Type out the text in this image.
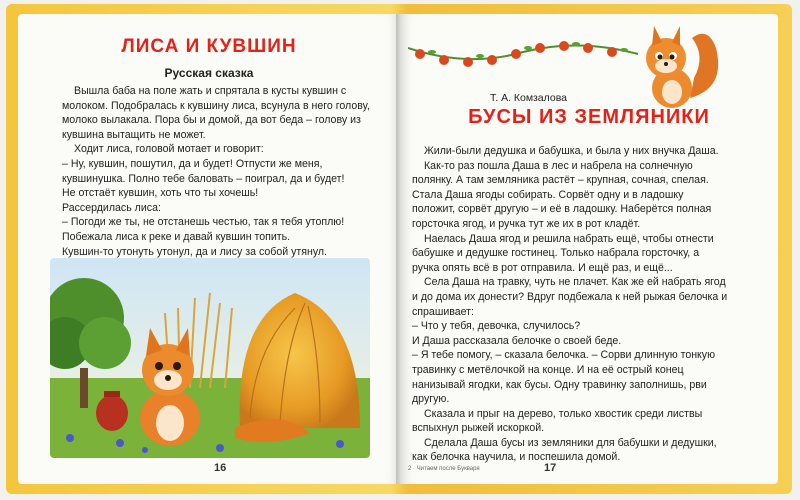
ЛИСА И КУВШИН
Русская сказка

Вышла баба на поле жать и спрятала в кусты кувшин с молоком. Подобралась к кувшину лиса, всунула в него голову, молоко вылакала. Пора бы и домой, да вот беда – голову из кувшина вытащить не может.

Ходит лиса, головой мотает и говорит:

– Ну, кувшин, пошутил, да и будет! Отпусти же меня, кувшинушка. Полно тебе баловать – поиграл, да и будет!

Не отстаёт кувшин, хоть что ты хочешь!

Рассердилась лиса:

– Погоди же ты, не отстанешь честью, так я тебя утоплю!

Побежала лиса к реке и давай кувшин топить.

Кувшин-то утонуть утонул, да и лису за собой утянул.

16
Т. А. Комзалова
БУСЫ ИЗ ЗЕМЛЯНИКИ

Жили-были дедушка и бабушка, и была у них внучка Даша.

Как-то раз пошла Даша в лес и набрела на солнечную полянку. А там земляника растёт – крупная, сочная, спелая. Стала Даша ягоды собирать. Сорвёт одну и в ладошку положит, сорвёт другую – и её в ладошку. Наберётся полная горсточка ягод, и ручка тут же их в рот кладёт.

Наелась Даша ягод и решила набрать ещё, чтобы отнести бабушке и дедушке гостинец. Только набрала горсточку, а ручка опять всё в рот отправила. И ещё раз, и ещё...

Села Даша на травку, чуть не плачет. Как же ей набрать ягод и до дома их донести? Вдруг подбежала к ней рыжая белочка и спрашивает:

– Что у тебя, девочка, случилось?

И Даша рассказала белочке о своей беде.

– Я тебе помогу, – сказала белочка. – Сорви длинную тонкую травинку с метёлочкой на конце. И на её острый конец нанизывай ягодки, как бусы. Одну травинку заполнишь, рви другую.

Сказала и прыг на дерево, только хвостик среди листвы вспыхнул рыжей искоркой.

Сделала Даша бусы из земляники для бабушки и дедушки, как белочка научила, и поспешила домой.

2 · Читаем после Букваря	17
